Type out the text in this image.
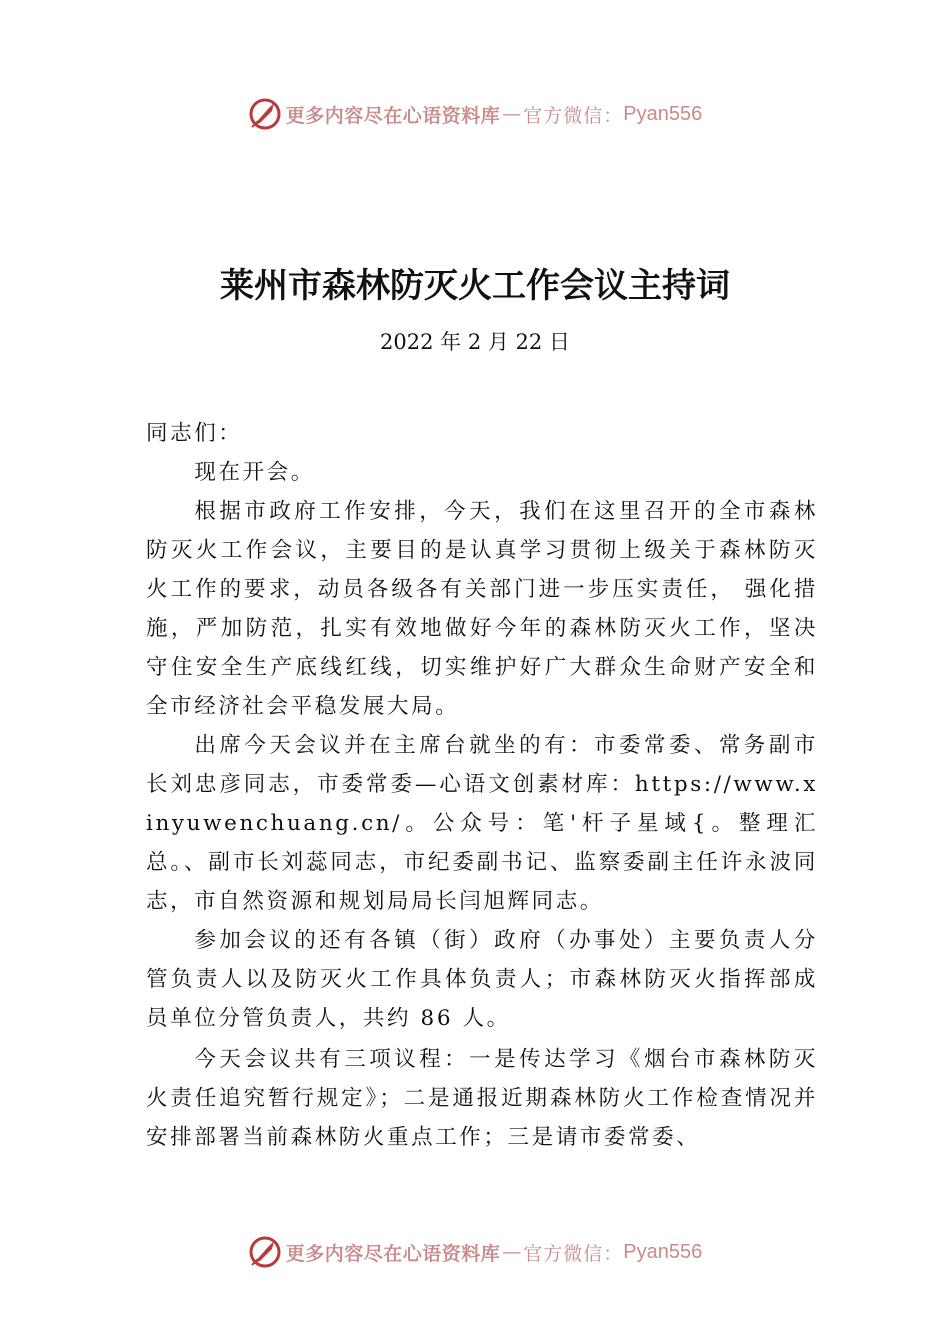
更多内容尽在心语资料库 — 官方微信： Pyan556
莱州市森林防灭火工作会议主持词
2022 年 2 月 22 日

同志们：

现在开会。

根据市政府工作安排，今天，我们在这里召开的全市森林防灭火工作会议，主要目的是认真学习贯彻上级关于森林防灭火工作的要求，动员各级各有关部门进一步压实责任， 强化措施，严加防范，扎实有效地做好今年的森林防灭火工作，坚决守住安全生产底线红线，切实维护好广大群众生命财产安全和全市经济社会平稳发展大局。

出席今天会议并在主席台就坐的有：市委常委、常务副市长刘忠彦同志，市委常委—心语文创素材库：https://www.xinyuwenchuang.cn/。公众号：笔'杆子星域{。整理汇总。、副市长刘蕊同志，市纪委副书记、监察委副主任许永波同志，市自然资源和规划局局长闫旭辉同志。

参加会议的还有各镇（街）政府（办事处）主要负责人分管负责人以及防灭火工作具体负责人；市森林防灭火指挥部成员单位分管负责人，共约 86 人。

今天会议共有三项议程：一是传达学习《烟台市森林防灭火责任追究暂行规定》；二是通报近期森林防火工作检查情况并安排部署当前森林防火重点工作；三是请市委常委、

更多内容尽在心语资料库 — 官方微信： Pyan556
